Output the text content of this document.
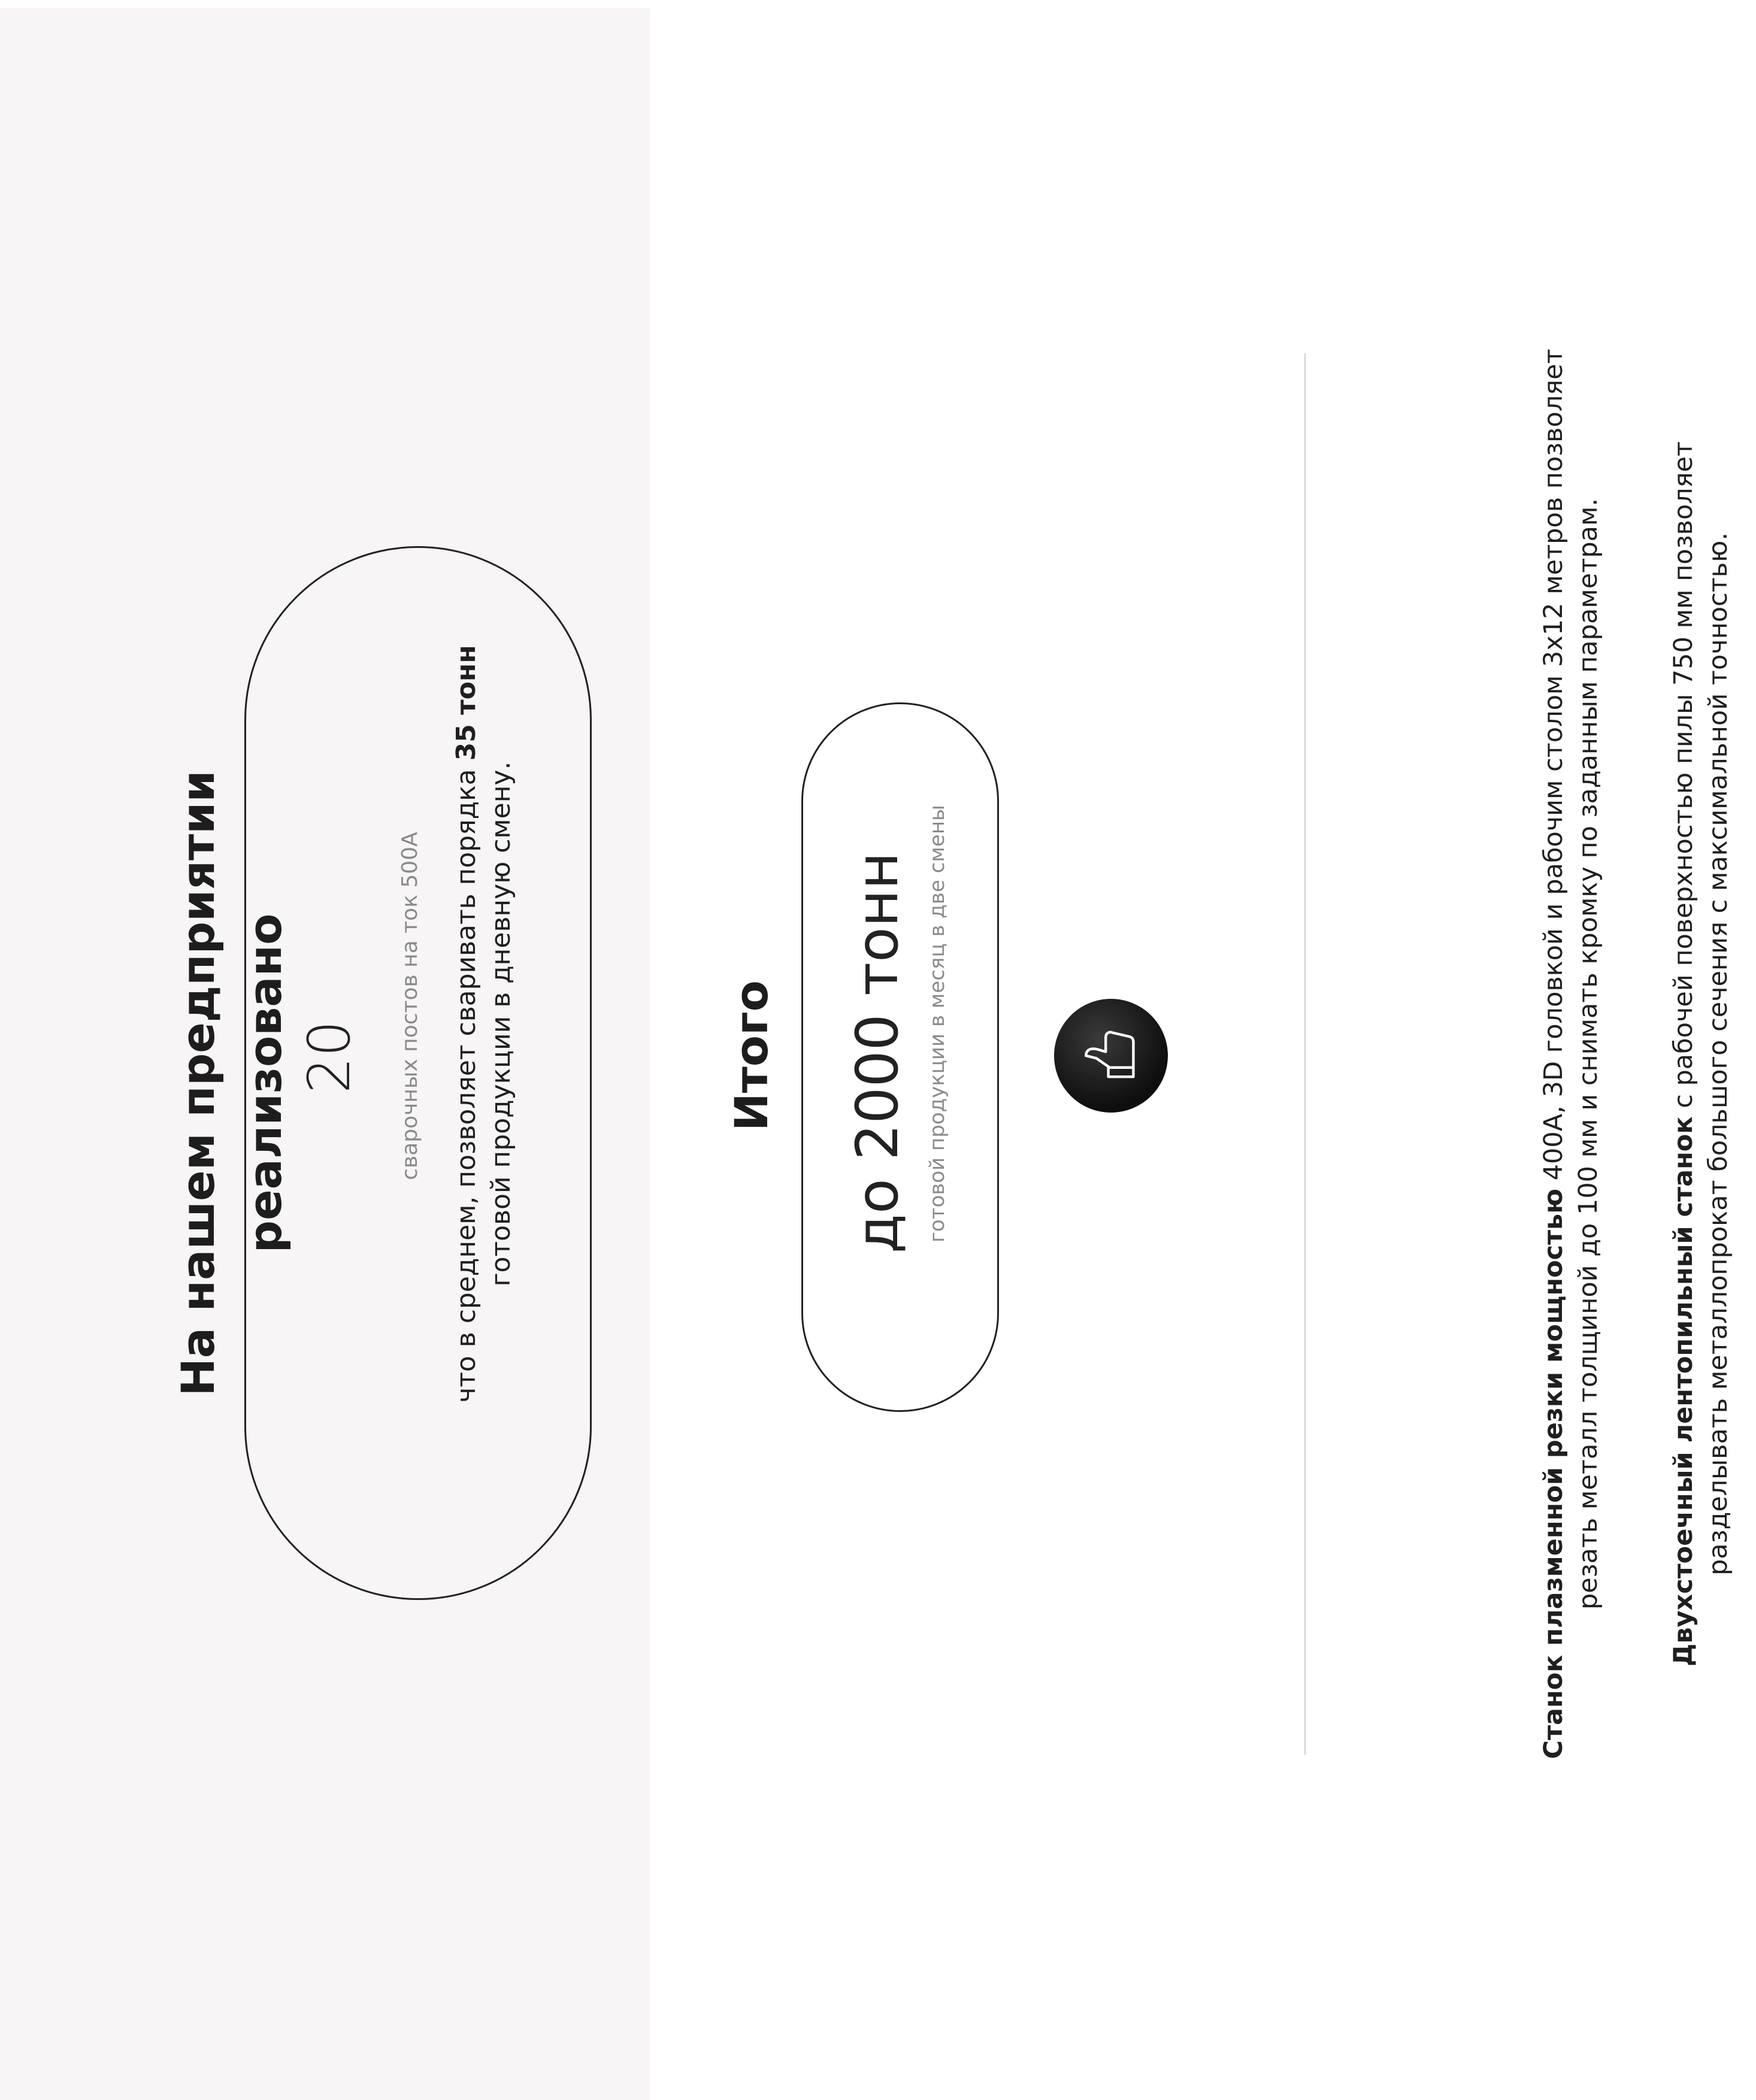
На нашем предприятии реализовано 20 сварочных постов на ток 500А что в среднем, позволяет сваривать порядка 35 тонн
готовой продукции в дневную смену.	Итого до 2000 тонн готовой продукции в месяц в две смены
Станок плазменной резки мощностью 400А, 3D головкой и рабочим столом 3х12 метров позволяет резать металл толщиной до 100 мм и снимать кромку по заданным параметрам.	Двухстоечный лентопильный станок с рабочей поверхностью пилы 750 мм позволяет разделывать металлопрокат большого сечения с максимальной точностью.
